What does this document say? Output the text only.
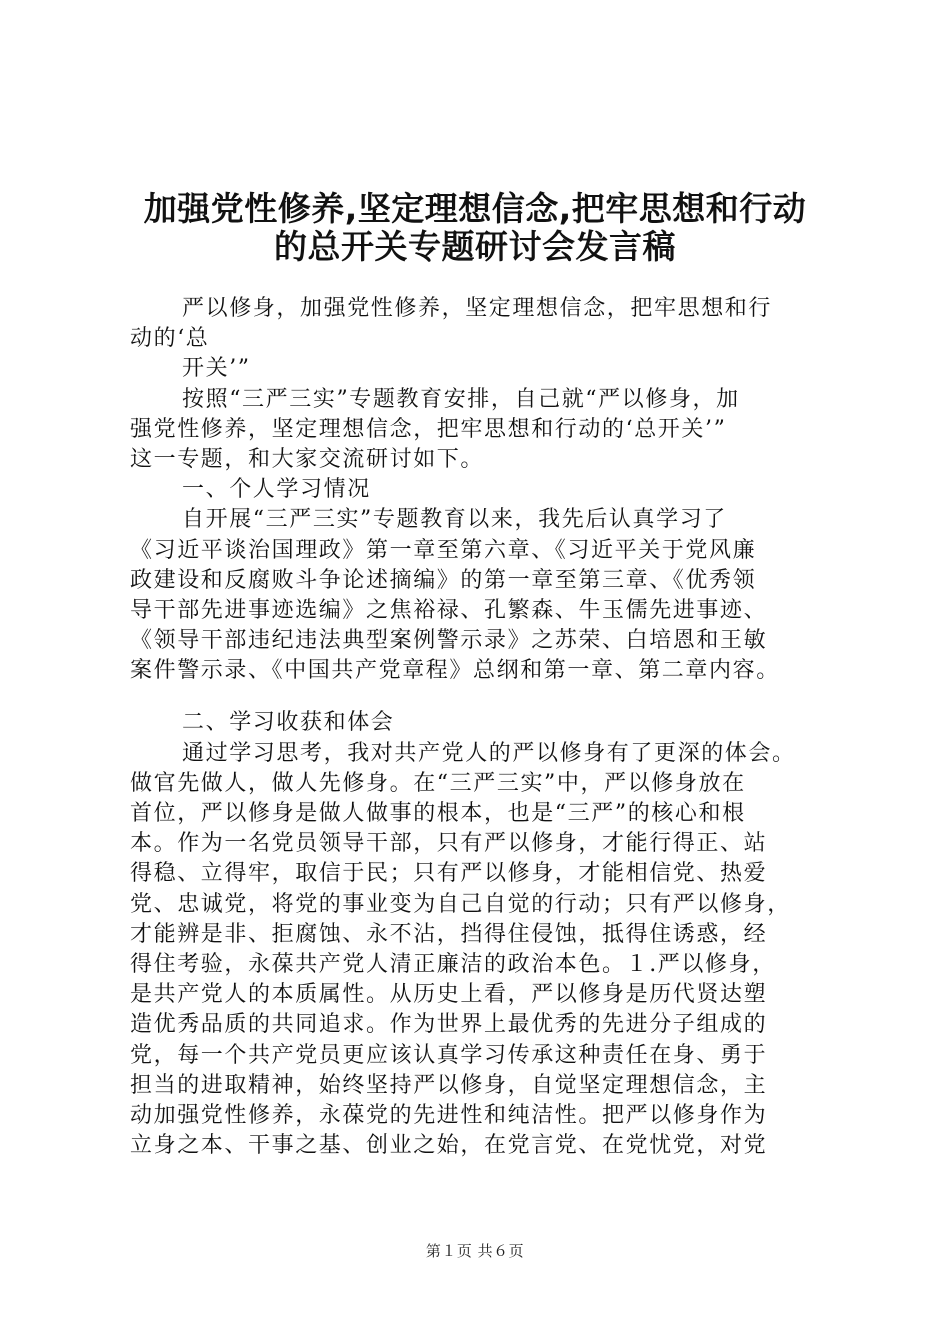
加强党性修养,坚定理想信念,把牢思想和行动
的总开关专题研讨会发言稿
严以修身，加强党性修养，坚定理想信念，把牢思想和行
动的‘总
开关’”
按照“三严三实”专题教育安排，自己就“严以修身，加
强党性修养，坚定理想信念，把牢思想和行动的‘总开关’”
这一专题，和大家交流研讨如下。
一、个人学习情况
自开展“三严三实”专题教育以来，我先后认真学习了
《习近平谈治国理政》第一章至第六章、《习近平关于党风廉
政建设和反腐败斗争论述摘编》的第一章至第三章、《优秀领
导干部先进事迹选编》之焦裕禄、孔繁森、牛玉儒先进事迹、
《领导干部违纪违法典型案例警示录》之苏荣、白培恩和王敏
案件警示录、《中国共产党章程》总纲和第一章、第二章内容。
二、学习收获和体会
通过学习思考，我对共产党人的严以修身有了更深的体会。
做官先做人，做人先修身。在“三严三实”中，严以修身放在
首位，严以修身是做人做事的根本，也是“三严”的核心和根
本。作为一名党员领导干部，只有严以修身，才能行得正、站
得稳、立得牢，取信于民；只有严以修身，才能相信党、热爱
党、忠诚党，将党的事业变为自己自觉的行动；只有严以修身，
才能辨是非、拒腐蚀、永不沾，挡得住侵蚀，抵得住诱惑，经
得住考验，永葆共产党人清正廉洁的政治本色。１.严以修身，
是共产党人的本质属性。从历史上看，严以修身是历代贤达塑
造优秀品质的共同追求。作为世界上最优秀的先进分子组成的
党，每一个共产党员更应该认真学习传承这种责任在身、勇于
担当的进取精神，始终坚持严以修身，自觉坚定理想信念，主
动加强党性修养，永葆党的先进性和纯洁性。把严以修身作为
立身之本、干事之基、创业之始，在党言党、在党忧党，对党
第１页 共６页
